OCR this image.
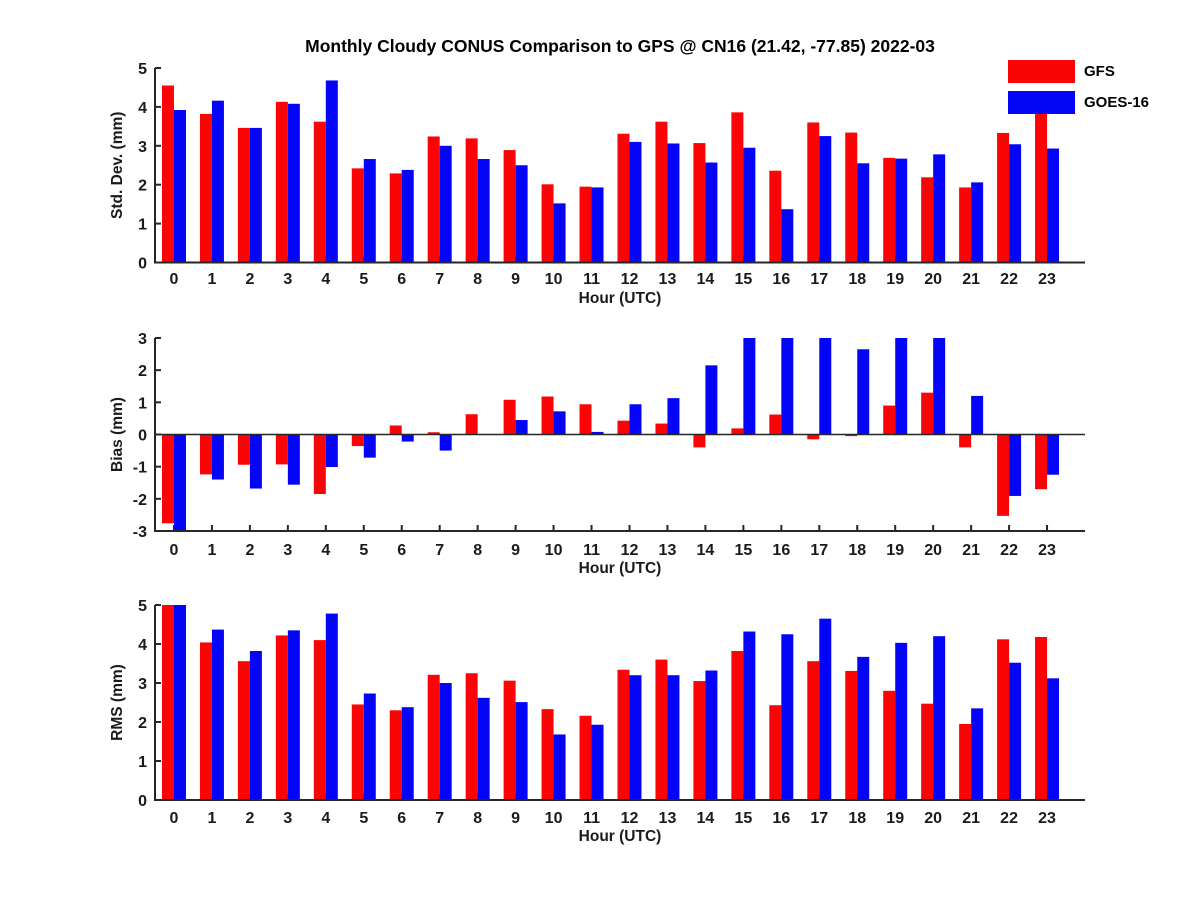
Monthly Cloudy CONUS Comparison to GPS @ CN16 (21.42, -77.85) 2022-03
0
1
2
3
4
5
0 1 2 3 4 5 6 7 8 9 10 11 12 13 14 15 16 17 18 19 20 21 22 23
Hour (UTC)
Std. Dev. (mm)
-3
-2
-1
0
1
2
3
0 1 2 3 4 5 6 7 8 9 10 11 12 13 14 15 16 17 18 19 20 21 22 23
Hour (UTC)
Bias (mm)
0
1
2
3
4
5
0 1 2 3 4 5 6 7 8 9 10 11 12 13 14 15 16 17 18 19 20 21 22 23
Hour (UTC)
RMS (mm)
GFS
GOES-16
